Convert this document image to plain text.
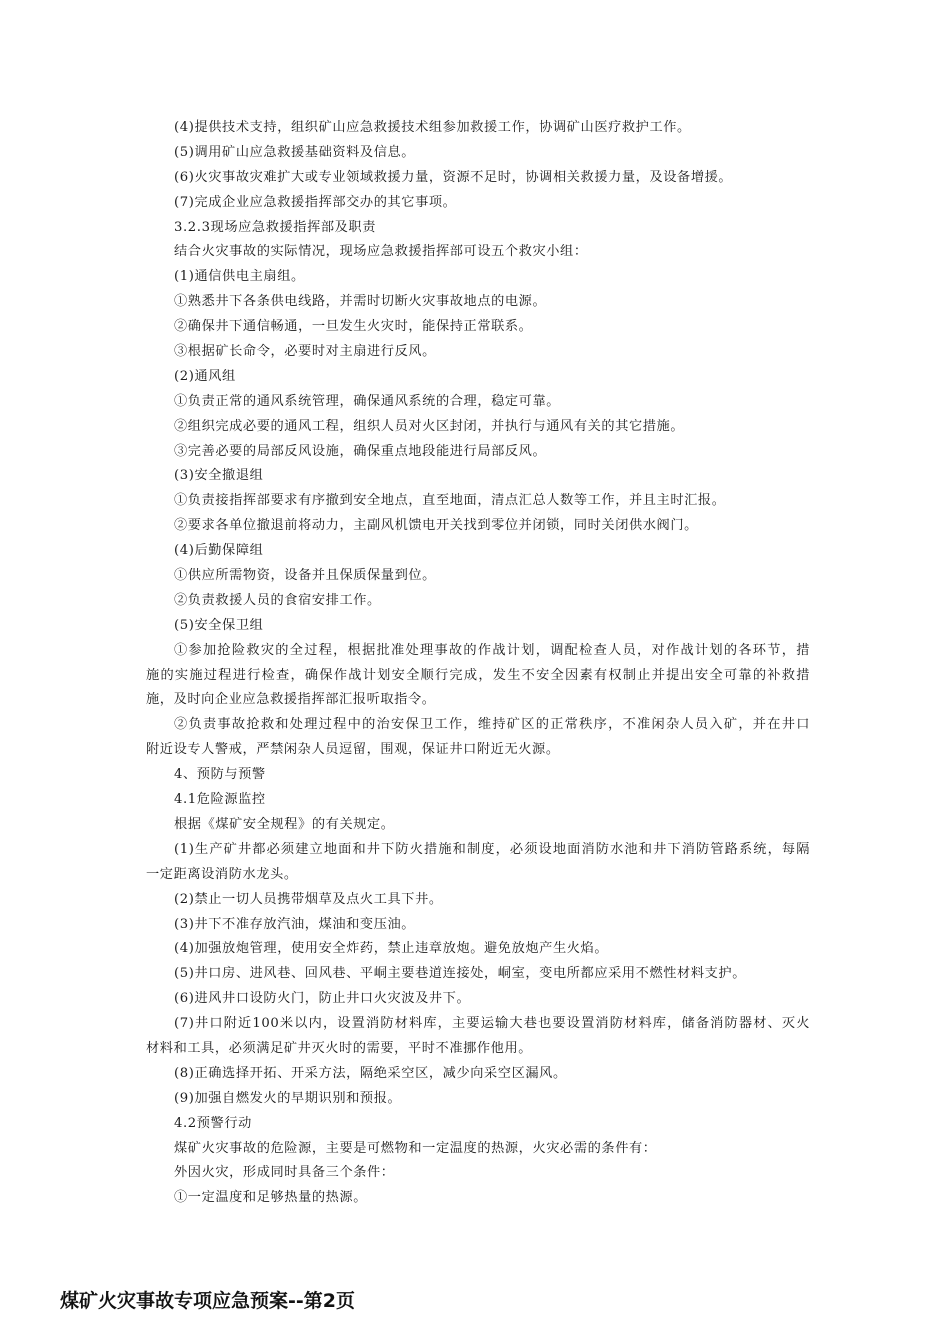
(4)提供技术支持，组织矿山应急救援技术组参加救援工作，协调矿山医疗救护工作。
(5)调用矿山应急救援基础资料及信息。
(6)火灾事故灾难扩大或专业领域救援力量，资源不足时，协调相关救援力量，及设备增援。
(7)完成企业应急救援指挥部交办的其它事项。
3.2.3现场应急救援指挥部及职责
结合火灾事故的实际情况，现场应急救援指挥部可设五个救灾小组：
(1)通信供电主扇组。
①熟悉井下各条供电线路，并需时切断火灾事故地点的电源。
②确保井下通信畅通，一旦发生火灾时，能保持正常联系。
③根据矿长命令，必要时对主扇进行反风。
(2)通风组
①负责正常的通风系统管理，确保通风系统的合理，稳定可靠。
②组织完成必要的通风工程，组织人员对火区封闭，并执行与通风有关的其它措施。
③完善必要的局部反风设施，确保重点地段能进行局部反风。
(3)安全撤退组
①负责接指挥部要求有序撤到安全地点，直至地面，清点汇总人数等工作，并且主时汇报。
②要求各单位撤退前将动力，主副风机馈电开关找到零位并闭锁，同时关闭供水阀门。
(4)后勤保障组
①供应所需物资，设备并且保质保量到位。
②负责救援人员的食宿安排工作。
(5)安全保卫组
①参加抢险救灾的全过程，根据批准处理事故的作战计划，调配检查人员，对作战计划的各环节，措
施的实施过程进行检查，确保作战计划安全顺行完成，发生不安全因素有权制止并提出安全可靠的补救措
施，及时向企业应急救援指挥部汇报听取指令。
②负责事故抢救和处理过程中的治安保卫工作，维持矿区的正常秩序，不准闲杂人员入矿，并在井口
附近设专人警戒，严禁闲杂人员逗留，围观，保证井口附近无火源。
4、预防与预警
4.1危险源监控
根据《煤矿安全规程》的有关规定。
(1)生产矿井都必须建立地面和井下防火措施和制度，必须设地面消防水池和井下消防管路系统，每隔
一定距离设消防水龙头。
(2)禁止一切人员携带烟草及点火工具下井。
(3)井下不准存放汽油，煤油和变压油。
(4)加强放炮管理，使用安全炸药，禁止违章放炮。避免放炮产生火焰。
(5)井口房、进风巷、回风巷、平峒主要巷道连接处，峒室，变电所都应采用不燃性材料支护。
(6)进风井口设防火门，防止井口火灾波及井下。
(7)井口附近100米以内，设置消防材料库，主要运输大巷也要设置消防材料库，储备消防器材、灭火
材料和工具，必须满足矿井灭火时的需要，平时不准挪作他用。
(8)正确选择开拓、开采方法，隔绝采空区，减少向采空区漏风。
(9)加强自燃发火的早期识别和预报。
4.2预警行动
煤矿火灾事故的危险源，主要是可燃物和一定温度的热源，火灾必需的条件有：
外因火灾，形成同时具备三个条件：
①一定温度和足够热量的热源。
煤矿火灾事故专项应急预案--第2页
